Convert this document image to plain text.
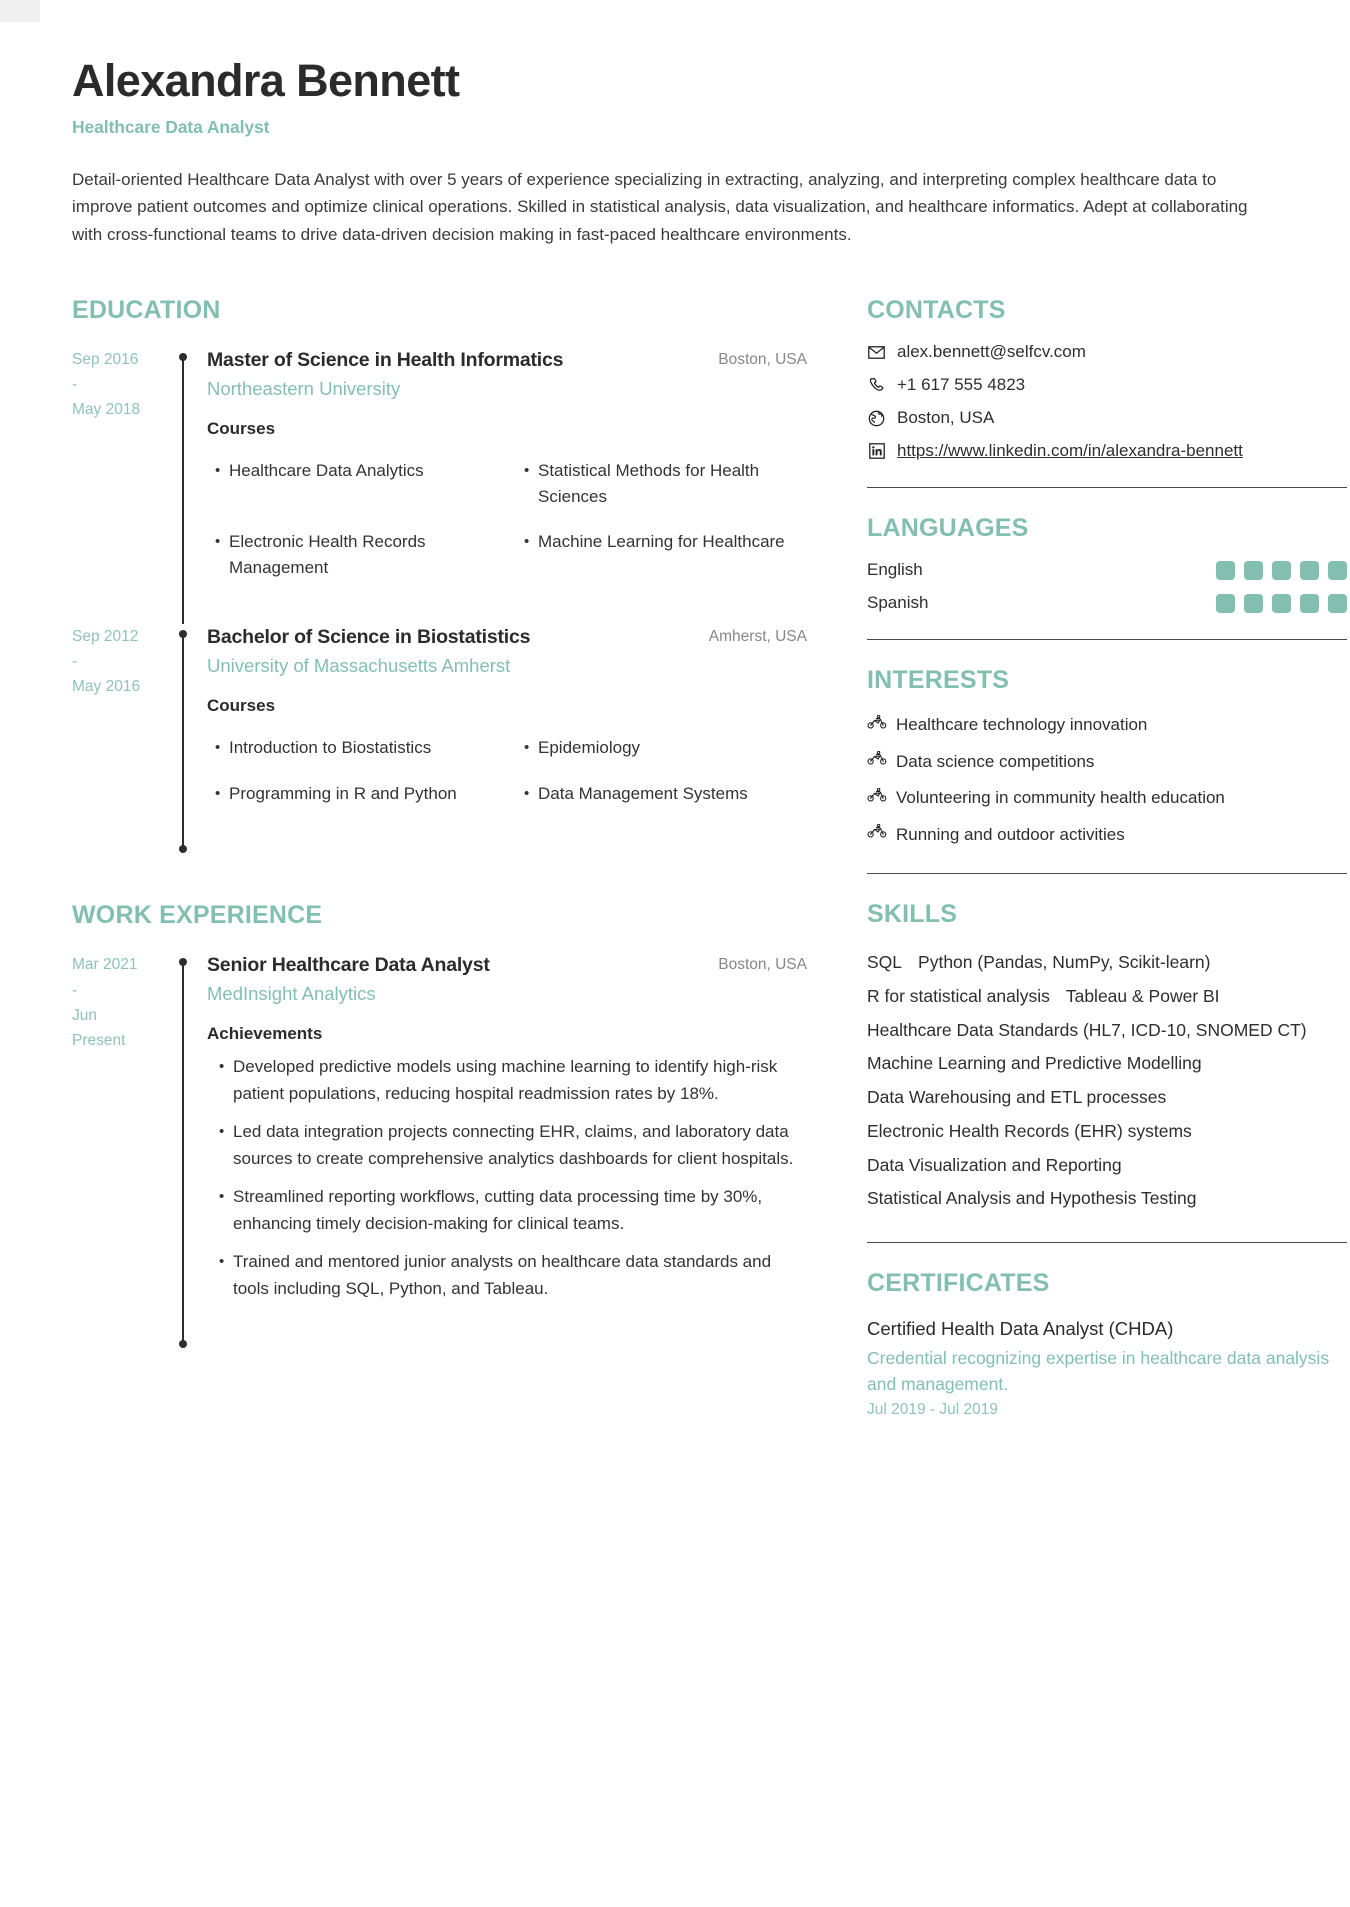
Alexandra Bennett
Healthcare Data Analyst
Detail-oriented Healthcare Data Analyst with over 5 years of experience specializing in extracting, analyzing, and interpreting complex healthcare data to improve patient outcomes and optimize clinical operations. Skilled in statistical analysis, data visualization, and healthcare informatics. Adept at collaborating with cross-functional teams to drive data-driven decision making in fast-paced healthcare environments.
EDUCATION
Sep 2016
-
May 2018
Master of Science in Health Informatics	Boston, USA
Northeastern University
Courses
• Healthcare Data Analytics	• Statistical Methods for Health Sciences
• Electronic Health Records Management
• Machine Learning for Healthcare
Sep 2012
-
May 2016
Bachelor of Science in Biostatistics	Amherst, USA
University of Massachusetts Amherst
Courses
• Introduction to Biostatistics	• Epidemiology
• Programming in R and Python	• Data Management Systems
WORK EXPERIENCE
Mar 2021
-
Jun
Present
Senior Healthcare Data Analyst	Boston, USA
MedInsight Analytics
Achievements
• Developed predictive models using machine learning to identify high-risk patient populations, reducing hospital readmission rates by 18%.
• Led data integration projects connecting EHR, claims, and laboratory data sources to create comprehensive analytics dashboards for client hospitals.
• Streamlined reporting workflows, cutting data processing time by 30%, enhancing timely decision-making for clinical teams.
• Trained and mentored junior analysts on healthcare data standards and tools including SQL, Python, and Tableau.
CONTACTS
alex.bennett@selfcv.com
+1 617 555 4823
Boston, USA
https://www.linkedin.com/in/alexandra-bennett
LANGUAGES
English
Spanish
INTERESTS
Healthcare technology innovation
Data science competitions
Volunteering in community health education
Running and outdoor activities
SKILLS
SQL Python (Pandas, NumPy, Scikit-learn)
R for statistical analysis Tableau & Power BI
Healthcare Data Standards (HL7, ICD-10, SNOMED CT)
Machine Learning and Predictive Modelling
Data Warehousing and ETL processes
Electronic Health Records (EHR) systems
Data Visualization and Reporting
Statistical Analysis and Hypothesis Testing
CERTIFICATES
Certified Health Data Analyst (CHDA)
Credential recognizing expertise in healthcare data analysis and management.
Jul 2019 - Jul 2019
